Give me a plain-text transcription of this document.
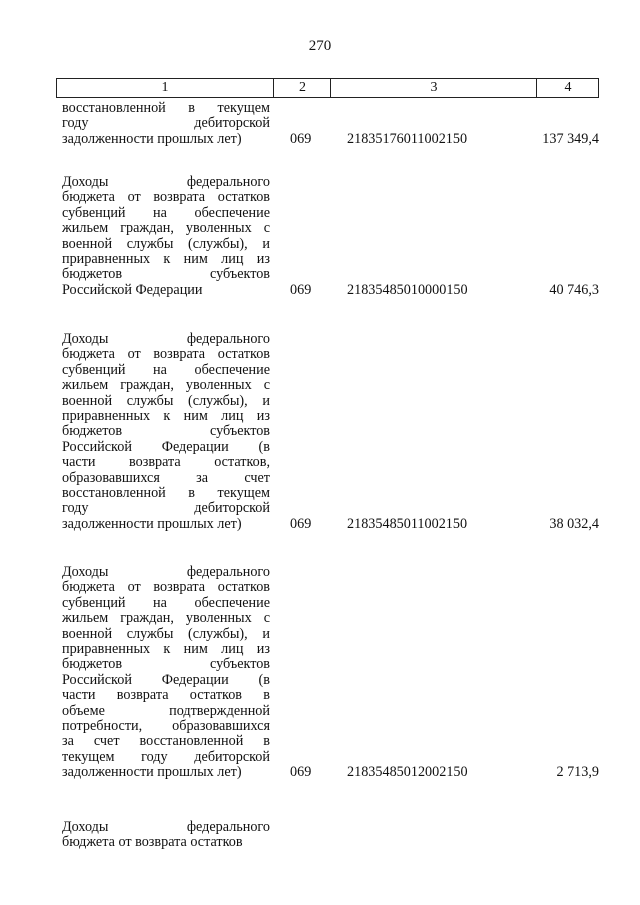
270
1	2	3	4
восстановленной в текущем
году дебиторской
задолженности прошлых лет)	069	21835176011002150	137 349,4
Доходы федерального
бюджета от возврата остатков
субвенций на обеспечение
жильем граждан, уволенных с
военной службы (службы), и
приравненных к ним лиц из
бюджетов субъектов
Российской Федерации	069	21835485010000150	40 746,3
Доходы федерального
бюджета от возврата остатков
субвенций на обеспечение
жильем граждан, уволенных с
военной службы (службы), и
приравненных к ним лиц из
бюджетов субъектов
Российской Федерации (в
части возврата остатков,
образовавшихся за счет
восстановленной в текущем
году дебиторской
задолженности прошлых лет)	069	21835485011002150	38 032,4
Доходы федерального
бюджета от возврата остатков
субвенций на обеспечение
жильем граждан, уволенных с
военной службы (службы), и
приравненных к ним лиц из
бюджетов субъектов
Российской Федерации (в
части возврата остатков в
объеме подтвержденной
потребности, образовавшихся
за счет восстановленной в
текущем году дебиторской
задолженности прошлых лет)	069	21835485012002150	2 713,9
Доходы федерального
бюджета от возврата остатков
